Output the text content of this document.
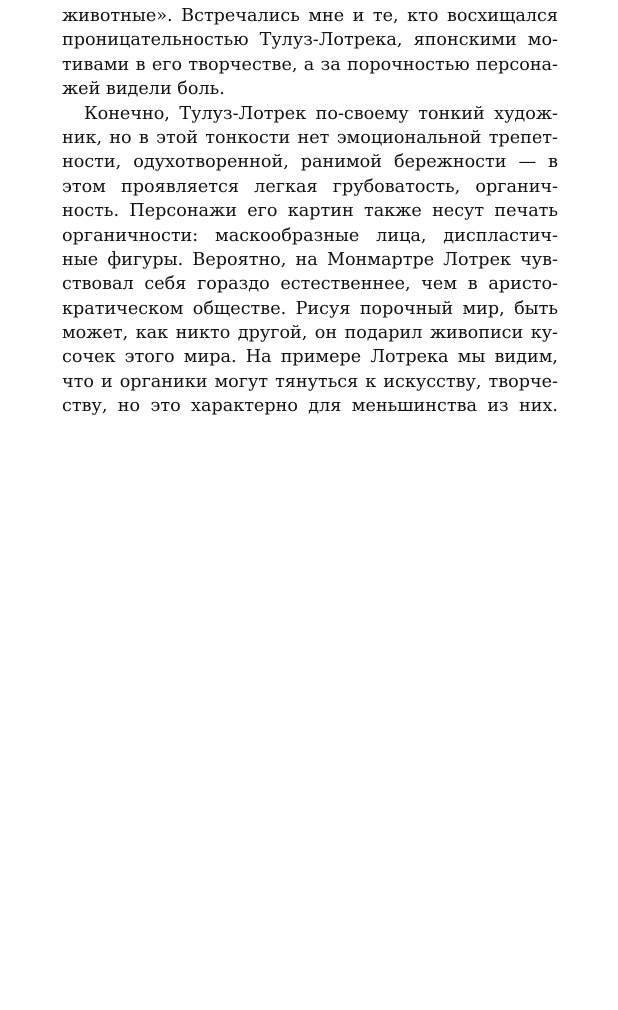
животные». Встречались мне и те, кто восхищался
проницательностью Тулуз-Лотрека, японскими мо-
тивами в его творчестве, а за порочностью персона-
жей видели боль.
Конечно, Тулуз-Лотрек по-своему тонкий худож-
ник, но в этой тонкости нет эмоциональной трепет-
ности, одухотворенной, ранимой бережности — в
этом проявляется легкая грубоватость, органич-
ность. Персонажи его картин также несут печать
органичности: маскообразные лица, диспластич-
ные фигуры. Вероятно, на Монмартре Лотрек чув-
ствовал себя гораздо естественнее, чем в аристо-
кратическом обществе. Рисуя порочный мир, быть
может, как никто другой, он подарил живописи ку-
сочек этого мира. На примере Лотрека мы видим,
что и органики могут тянуться к искусству, творче-
ству, но это характерно для меньшинства из них.
